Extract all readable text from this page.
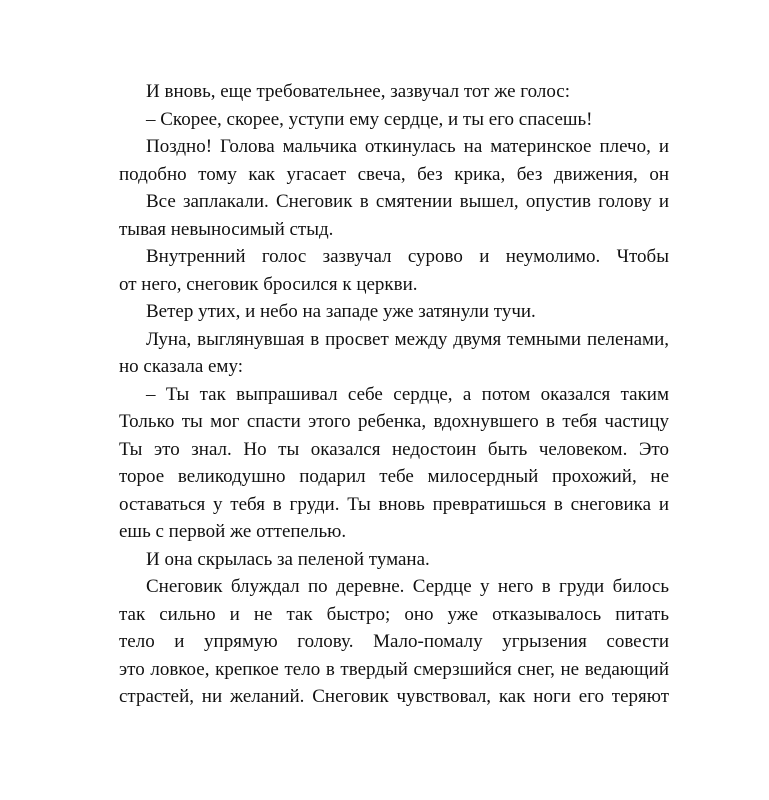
И вновь, еще требовательнее, зазвучал тот же голос:
– Скорее, скорее, уступи ему сердце, и ты его спасешь!
Поздно! Голова мальчика откинулась на материнское плечо, и
подобно тому как угасает свеча, без крика, без движения, он
Все заплакали. Снеговик в смятении вышел, опустив голову и
тывая невыносимый стыд.
Внутренний голос зазвучал сурово и неумолимо. Чтобы
от него, снеговик бросился к церкви.
Ветер утих, и небо на западе уже затянули тучи.
Луна, выглянувшая в просвет между двумя темными пеленами,
но сказала ему:
– Ты так выпрашивал себе сердце, а потом оказался таким
Только ты мог спасти этого ребенка, вдохнувшего в тебя частицу
Ты это знал. Но ты оказался недостоин быть человеком. Это
торое великодушно подарил тебе милосердный прохожий, не
оставаться у тебя в груди. Ты вновь превратишься в снеговика и
ешь с первой же оттепелью.
И она скрылась за пеленой тумана.
Снеговик блуждал по деревне. Сердце у него в груди билось
так сильно и не так быстро; оно уже отказывалось питать
тело и упрямую голову. Мало-помалу угрызения совести
это ловкое, крепкое тело в твердый смерзшийся снег, не ведающий
страстей, ни желаний. Снеговик чувствовал, как ноги его теряют
